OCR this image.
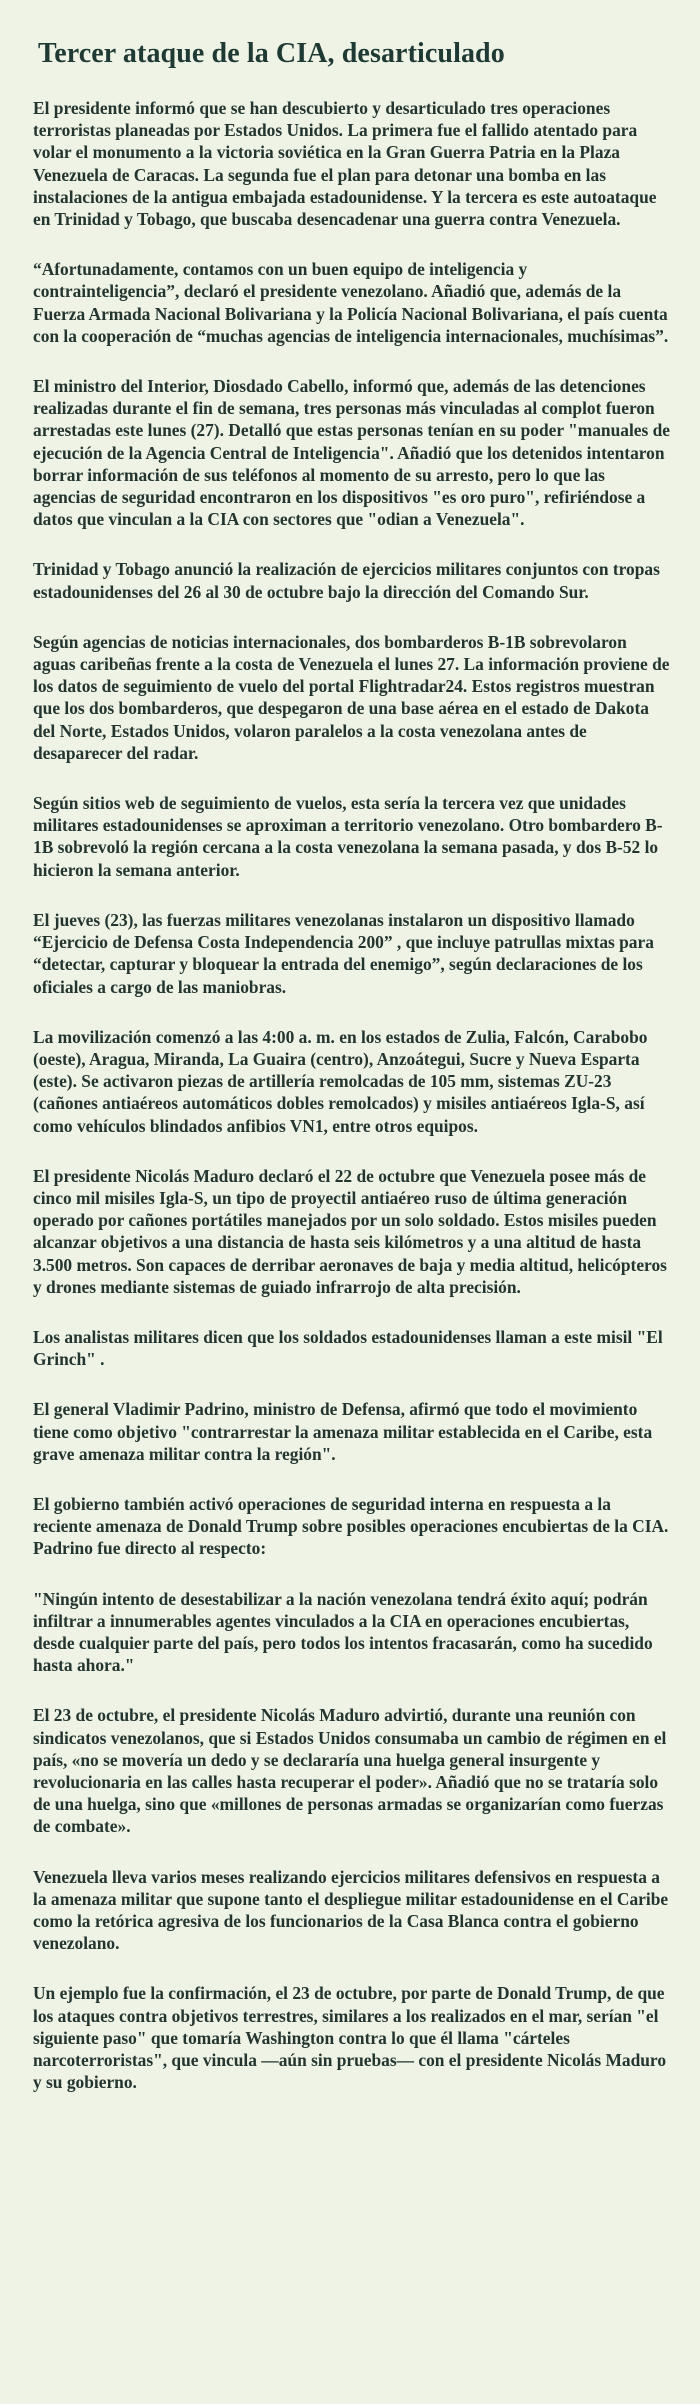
Tercer ataque de la CIA, desarticulado

El presidente informó que se han descubierto y desarticulado tres operaciones terroristas planeadas por Estados Unidos. La primera fue el fallido atentado para volar el monumento a la victoria soviética en la Gran Guerra Patria en la Plaza Venezuela de Caracas. La segunda fue el plan para detonar una bomba en las instalaciones de la antigua embajada estadounidense. Y la tercera es este autoataque en Trinidad y Tobago, que buscaba desencadenar una guerra contra Venezuela.

“Afortunadamente, contamos con un buen equipo de inteligencia y contrainteligencia”, declaró el presidente venezolano. Añadió que, además de la Fuerza Armada Nacional Bolivariana y la Policía Nacional Bolivariana, el país cuenta con la cooperación de “muchas agencias de inteligencia internacionales, muchísimas”.

El ministro del Interior, Diosdado Cabello, informó que, además de las detenciones realizadas durante el fin de semana, tres personas más vinculadas al complot fueron arrestadas este lunes (27). Detalló que estas personas tenían en su poder "manuales de ejecución de la Agencia Central de Inteligencia". Añadió que los detenidos intentaron borrar información de sus teléfonos al momento de su arresto, pero lo que las agencias de seguridad encontraron en los dispositivos "es oro puro", refiriéndose a datos que vinculan a la CIA con sectores que "odian a Venezuela".

Trinidad y Tobago anunció la realización de ejercicios militares conjuntos con tropas estadounidenses del 26 al 30 de octubre bajo la dirección del Comando Sur.

Según agencias de noticias internacionales, dos bombarderos B-1B sobrevolaron aguas caribeñas frente a la costa de Venezuela el lunes 27. La información proviene de los datos de seguimiento de vuelo del portal Flightradar24. Estos registros muestran que los dos bombarderos, que despegaron de una base aérea en el estado de Dakota del Norte, Estados Unidos, volaron paralelos a la costa venezolana antes de desaparecer del radar.

Según sitios web de seguimiento de vuelos, esta sería la tercera vez que unidades militares estadounidenses se aproximan a territorio venezolano. Otro bombardero B-1B sobrevoló la región cercana a la costa venezolana la semana pasada, y dos B-52 lo hicieron la semana anterior.

El jueves (23), las fuerzas militares venezolanas instalaron un dispositivo llamado “Ejercicio de Defensa Costa Independencia 200” , que incluye patrullas mixtas para “detectar, capturar y bloquear la entrada del enemigo”, según declaraciones de los oficiales a cargo de las maniobras.

La movilización comenzó a las 4:00 a. m. en los estados de Zulia, Falcón, Carabobo (oeste), Aragua, Miranda, La Guaira (centro), Anzoátegui, Sucre y Nueva Esparta (este). Se activaron piezas de artillería remolcadas de 105 mm, sistemas ZU-23 (cañones antiaéreos automáticos dobles remolcados) y misiles antiaéreos Igla-S, así como vehículos blindados anfibios VN1, entre otros equipos.

El presidente Nicolás Maduro declaró el 22 de octubre que Venezuela posee más de cinco mil misiles Igla-S, un tipo de proyectil antiaéreo ruso de última generación operado por cañones portátiles manejados por un solo soldado. Estos misiles pueden alcanzar objetivos a una distancia de hasta seis kilómetros y a una altitud de hasta 3.500 metros. Son capaces de derribar aeronaves de baja y media altitud, helicópteros y drones mediante sistemas de guiado infrarrojo de alta precisión.

Los analistas militares dicen que los soldados estadounidenses llaman a este misil "El Grinch" .

El general Vladimir Padrino, ministro de Defensa, afirmó que todo el movimiento tiene como objetivo "contrarrestar la amenaza militar establecida en el Caribe, esta grave amenaza militar contra la región".

El gobierno también activó operaciones de seguridad interna en respuesta a la reciente amenaza de Donald Trump sobre posibles operaciones encubiertas de la CIA. Padrino fue directo al respecto:

"Ningún intento de desestabilizar a la nación venezolana tendrá éxito aquí; podrán infiltrar a innumerables agentes vinculados a la CIA en operaciones encubiertas, desde cualquier parte del país, pero todos los intentos fracasarán, como ha sucedido hasta ahora."

El 23 de octubre, el presidente Nicolás Maduro advirtió, durante una reunión con sindicatos venezolanos, que si Estados Unidos consumaba un cambio de régimen en el país, «no se movería un dedo y se declararía una huelga general insurgente y revolucionaria en las calles hasta recuperar el poder». Añadió que no se trataría solo de una huelga, sino que «millones de personas armadas se organizarían como fuerzas de combate».

Venezuela lleva varios meses realizando ejercicios militares defensivos en respuesta a la amenaza militar que supone tanto el despliegue militar estadounidense en el Caribe como la retórica agresiva de los funcionarios de la Casa Blanca contra el gobierno venezolano.

Un ejemplo fue la confirmación, el 23 de octubre, por parte de Donald Trump, de que los ataques contra objetivos terrestres, similares a los realizados en el mar, serían "el siguiente paso" que tomaría Washington contra lo que él llama "cárteles narcoterroristas", que vincula —aún sin pruebas— con el presidente Nicolás Maduro y su gobierno.
